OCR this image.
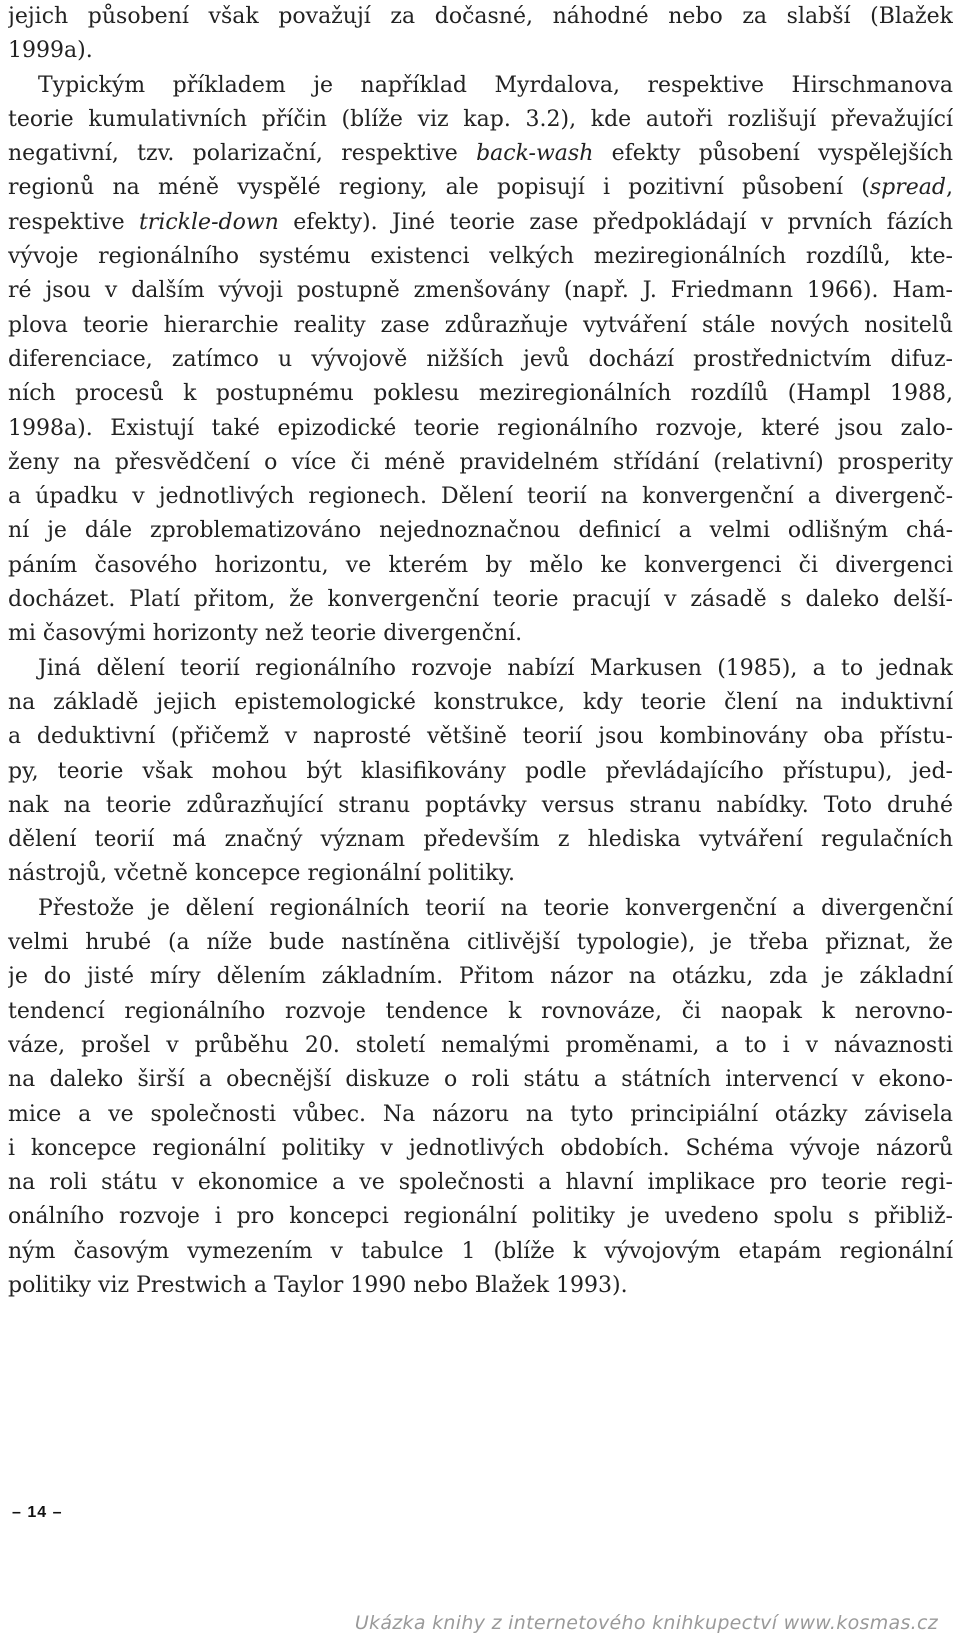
jejich působení však považují za dočasné, náhodné nebo za slabší (Blažek
1999a).
Typickým příkladem je například Myrdalova, respektive Hirschmanova
teorie kumulativních příčin (blíže viz kap. 3.2), kde autoři rozlišují převažující
negativní, tzv. polarizační, respektive back-wash efekty působení vyspělejších
regionů na méně vyspělé regiony, ale popisují i pozitivní působení (spread,
respektive trickle-down efekty). Jiné teorie zase předpokládají v prvních fázích
vývoje regionálního systému existenci velkých meziregionálních rozdílů, kte-
ré jsou v dalším vývoji postupně zmenšovány (např. J. Friedmann 1966). Ham-
plova teorie hierarchie reality zase zdůrazňuje vytváření stále nových nositelů
diferenciace, zatímco u vývojově nižších jevů dochází prostřednictvím difuz-
ních procesů k postupnému poklesu meziregionálních rozdílů (Hampl 1988,
1998a). Existují také epizodické teorie regionálního rozvoje, které jsou zalo-
ženy na přesvědčení o více či méně pravidelném střídání (relativní) prosperity
a úpadku v jednotlivých regionech. Dělení teorií na konvergenční a divergenč-
ní je dále zproblematizováno nejednoznačnou definicí a velmi odlišným chá-
páním časového horizontu, ve kterém by mělo ke konvergenci či divergenci
docházet. Platí přitom, že konvergenční teorie pracují v zásadě s daleko delší-
mi časovými horizonty než teorie divergenční.
Jiná dělení teorií regionálního rozvoje nabízí Markusen (1985), a to jednak
na základě jejich epistemologické konstrukce, kdy teorie člení na induktivní
a deduktivní (přičemž v naprosté většině teorií jsou kombinovány oba přístu-
py, teorie však mohou být klasifikovány podle převládajícího přístupu), jed-
nak na teorie zdůrazňující stranu poptávky versus stranu nabídky. Toto druhé
dělení teorií má značný význam především z hlediska vytváření regulačních
nástrojů, včetně koncepce regionální politiky.
Přestože je dělení regionálních teorií na teorie konvergenční a divergenční
velmi hrubé (a níže bude nastíněna citlivější typologie), je třeba přiznat, že
je do jisté míry dělením základním. Přitom názor na otázku, zda je základní
tendencí regionálního rozvoje tendence k rovnováze, či naopak k nerovno-
váze, prošel v průběhu 20. století nemalými proměnami, a to i v návaznosti
na daleko širší a obecnější diskuze o roli státu a státních intervencí v ekono-
mice a ve společnosti vůbec. Na názoru na tyto principiální otázky závisela
i koncepce regionální politiky v jednotlivých obdobích. Schéma vývoje názorů
na roli státu v ekonomice a ve společnosti a hlavní implikace pro teorie regi-
onálního rozvoje i pro koncepci regionální politiky je uvedeno spolu s přibliž-
ným časovým vymezením v tabulce 1 (blíže k vývojovým etapám regionální
politiky viz Prestwich a Taylor 1990 nebo Blažek 1993).
– 14 –
Ukázka knihy z internetového knihkupectví www.kosmas.cz
